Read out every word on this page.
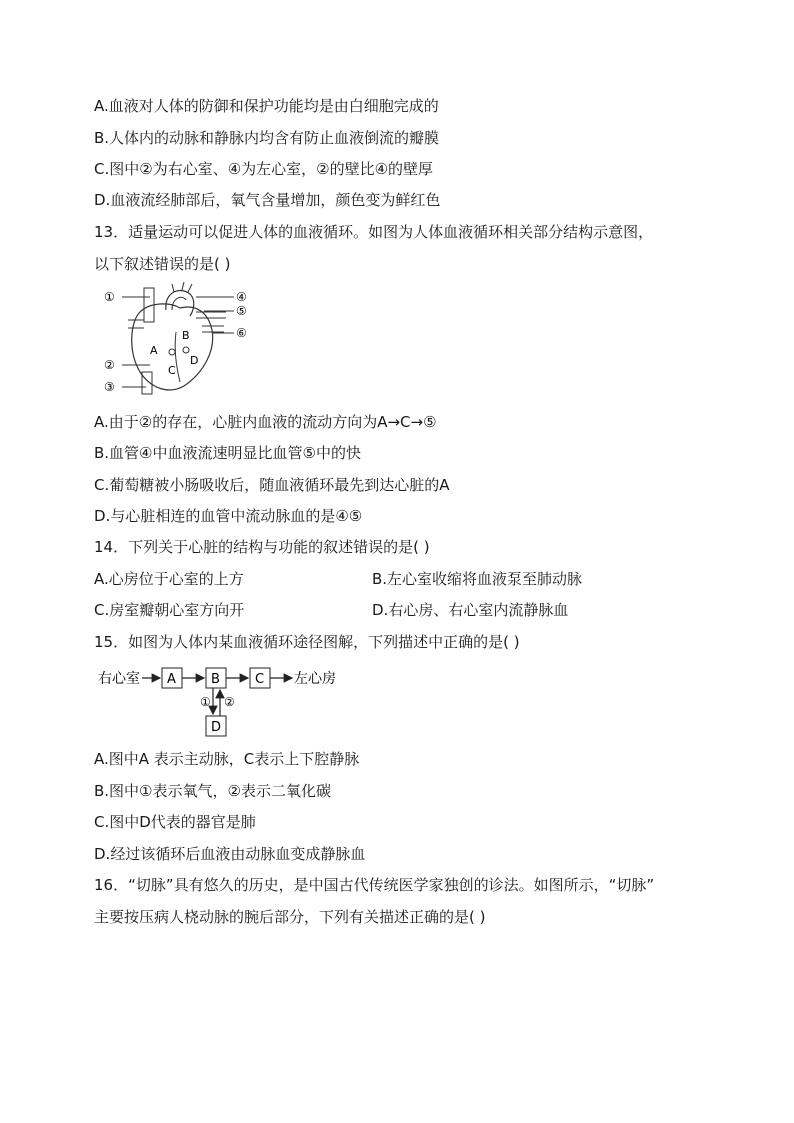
A.血液对人体的防御和保护功能均是由白细胞完成的
B.人体内的动脉和静脉内均含有防止血液倒流的瓣膜
C.图中②为右心室、④为左心室，②的壁比④的壁厚
D.血液流经肺部后，氧气含量增加，颜色变为鲜红色
13．适量运动可以促进人体的血液循环。如图为人体血液循环相关部分结构示意图，
以下叙述错误的是( )
①
②
③
④
⑤
⑥
A
B
C
D
A.由于②的存在，心脏内血液的流动方向为A→C→⑤
B.血管④中血液流速明显比血管⑤中的快
C.葡萄糖被小肠吸收后，随血液循环最先到达心脏的A
D.与心脏相连的血管中流动脉血的是④⑤
14．下列关于心脏的结构与功能的叙述错误的是( )
A.心房位于心室的上方	B.左心室收缩将血液泵至肺动脉
C.房室瓣朝心室方向开	D.右心房、右心室内流静脉血
15．如图为人体内某血液循环途径图解，下列描述中正确的是( )
右心室 A	B	C 左心房
① ②
D
A.图中A 表示主动脉，C表示上下腔静脉
B.图中①表示氧气，②表示二氧化碳
C.图中D代表的器官是肺
D.经过该循环后血液由动脉血变成静脉血
16．“切脉”具有悠久的历史，是中国古代传统医学家独创的诊法。如图所示，“切脉”
主要按压病人桡动脉的腕后部分，下列有关描述正确的是( )
